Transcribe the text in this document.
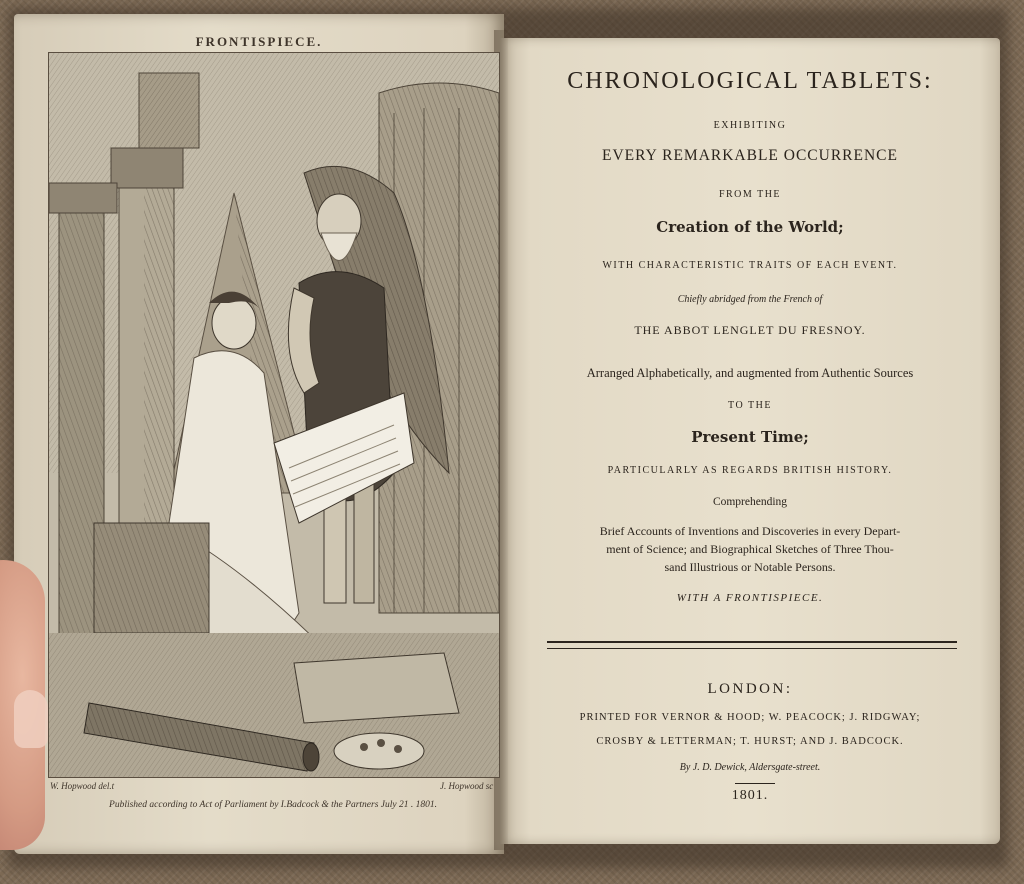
FRONTISPIECE.
W. Hopwood del.t	J. Hopwood sc
Published according to Act of Parliament by I.Badcock & the Partners July 21 . 1801.
CHRONOLOGICAL TABLETS:
EXHIBITING
EVERY REMARKABLE OCCURRENCE
FROM THE
Creation of the World;
WITH CHARACTERISTIC TRAITS OF EACH EVENT.
Chiefly abridged from the French of
THE ABBOT LENGLET DU FRESNOY.
Arranged Alphabetically, and augmented from Authentic Sources
TO THE
Present Time;
PARTICULARLY AS REGARDS BRITISH HISTORY.
Comprehending
Brief Accounts of Inventions and Discoveries in every Depart-
ment of Science; and Biographical Sketches of Three Thou-
sand Illustrious or Notable Persons.
WITH A FRONTISPIECE.
LONDON:
PRINTED FOR VERNOR & HOOD; W. PEACOCK; J. RIDGWAY;
CROSBY & LETTERMAN; T. HURST; AND J. BADCOCK.
By J. D. Dewick, Aldersgate-street.
1801.
